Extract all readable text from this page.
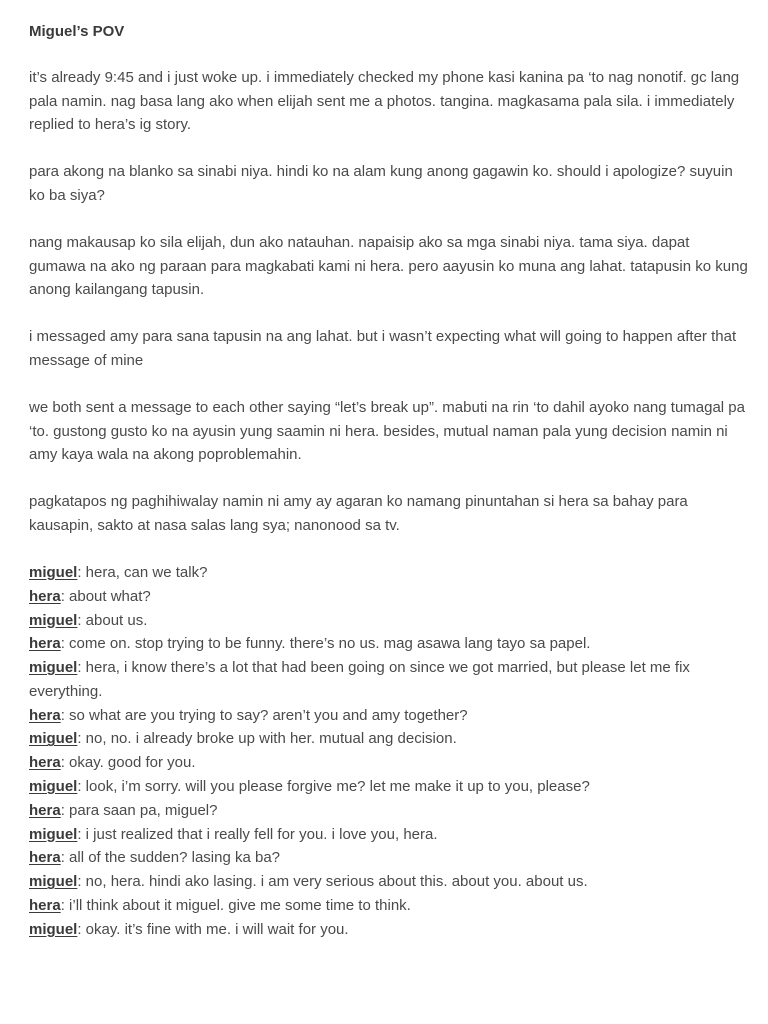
Miguel’s POV

it’s already 9:45 and i just woke up. i immediately checked my phone kasi kanina pa ‘to nag nonotif. gc lang pala namin. nag basa lang ako when elijah sent me a photos. tangina. magkasama pala sila. i immediately replied to hera’s ig story.

para akong na blanko sa sinabi niya. hindi ko na alam kung anong gagawin ko. should i apologize? suyuin ko ba siya?

nang makausap ko sila elijah, dun ako natauhan. napaisip ako sa mga sinabi niya. tama siya. dapat gumawa na ako ng paraan para magkabati kami ni hera. pero aayusin ko muna ang lahat. tatapusin ko kung anong kailangang tapusin.

i messaged amy para sana tapusin na ang lahat. but i wasn’t expecting what will going to happen after that message of mine

we both sent a message to each other saying “let’s break up”. mabuti na rin ‘to dahil ayoko nang tumagal pa ‘to. gustong gusto ko na ayusin yung saamin ni hera. besides, mutual naman pala yung decision namin ni amy kaya wala na akong poproblemahin.

pagkatapos ng paghihiwalay namin ni amy ay agaran ko namang pinuntahan si hera sa bahay para kausapin, sakto at nasa salas lang sya; nanonood sa tv.

miguel: hera, can we talk?

hera: about what?

miguel: about us.

hera: come on. stop trying to be funny. there’s no us. mag asawa lang tayo sa papel.

miguel: hera, i know there’s a lot that had been going on since we got married, but please let me fix everything.

hera: so what are you trying to say? aren’t you and amy together?

miguel: no, no. i already broke up with her. mutual ang decision.

hera: okay. good for you.

miguel: look, i’m sorry. will you please forgive me? let me make it up to you, please?

hera: para saan pa, miguel?

miguel: i just realized that i really fell for you. i love you, hera.

hera: all of the sudden? lasing ka ba?

miguel: no, hera. hindi ako lasing. i am very serious about this. about you. about us.

hera: i’ll think about it miguel. give me some time to think.

miguel: okay. it’s fine with me. i will wait for you.
